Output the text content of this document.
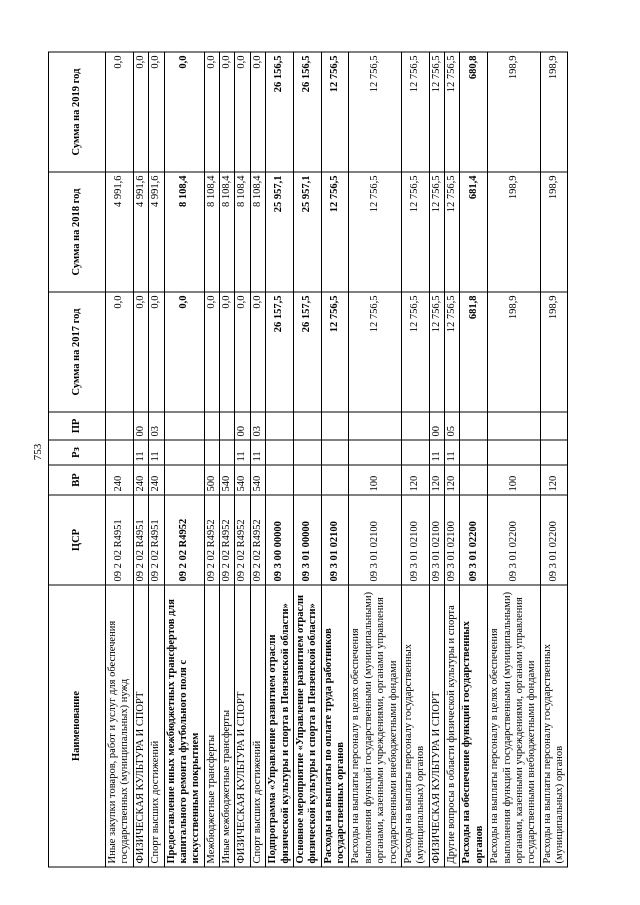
753
Наименование	ЦСР	ВР	Рз	ПР	Сумма на 2017 год	Сумма на 2018 год	Сумма на 2019 год
Иные закупки товаров, работ и услуг для обеспечения государственных (муниципальных) нужд	09 2 02 R4951	240			0,0	4 991,6	0,0
ФИЗИЧЕСКАЯ КУЛЬТУРА И СПОРТ	09 2 02 R4951	240	11	00	0,0	4 991,6	0,0
Спорт высших достижений	09 2 02 R4951	240	11	03	0,0	4 991,6	0,0
Предоставление иных межбюджетных трансфертов для капитального ремонта футбольного поля с искусственным покрытием	09 2 02 R4952				0,0	8 108,4	0,0
Межбюджетные трансферты	09 2 02 R4952	500			0,0	8 108,4	0,0
Иные межбюджетные трансферты	09 2 02 R4952	540			0,0	8 108,4	0,0
ФИЗИЧЕСКАЯ КУЛЬТУРА И СПОРТ	09 2 02 R4952	540	11	00	0,0	8 108,4	0,0
Спорт высших достижений	09 2 02 R4952	540	11	03	0,0	8 108,4	0,0
Подпрограмма «Управление развитием отрасли физической культуры и спорта в Пензенской области»	09 3 00 00000				26 157,5	25 957,1	26 156,5
Основное мероприятие «Управление развитием отрасли физической культуры и спорта в Пензенской области»	09 3 01 00000				26 157,5	25 957,1	26 156,5
Расходы на выплаты по оплате труда работников государственных органов	09 3 01 02100				12 756,5	12 756,5	12 756,5
Расходы на выплаты персоналу в целях обеспечения выполнения функций государственными (муниципальными) органами, казенными учреждениями, органами управления государственными внебюджетными фондами	09 3 01 02100	100			12 756,5	12 756,5	12 756,5
Расходы на выплаты персоналу государственных (муниципальных) органов	09 3 01 02100	120			12 756,5	12 756,5	12 756,5
ФИЗИЧЕСКАЯ КУЛЬТУРА И СПОРТ	09 3 01 02100	120	11	00	12 756,5	12 756,5	12 756,5
Другие вопросы в области физической культуры и спорта	09 3 01 02100	120	11	05	12 756,5	12 756,5	12 756,5
Расходы на обеспечение функций государственных органов	09 3 01 02200				681,8	681,4	680,8
Расходы на выплаты персоналу в целях обеспечения выполнения функций государственными (муниципальными) органами, казенными учреждениями, органами управления государственными внебюджетными фондами	09 3 01 02200	100			198,9	198,9	198,9
Расходы на выплаты персоналу государственных (муниципальных) органов	09 3 01 02200	120			198,9	198,9	198,9
